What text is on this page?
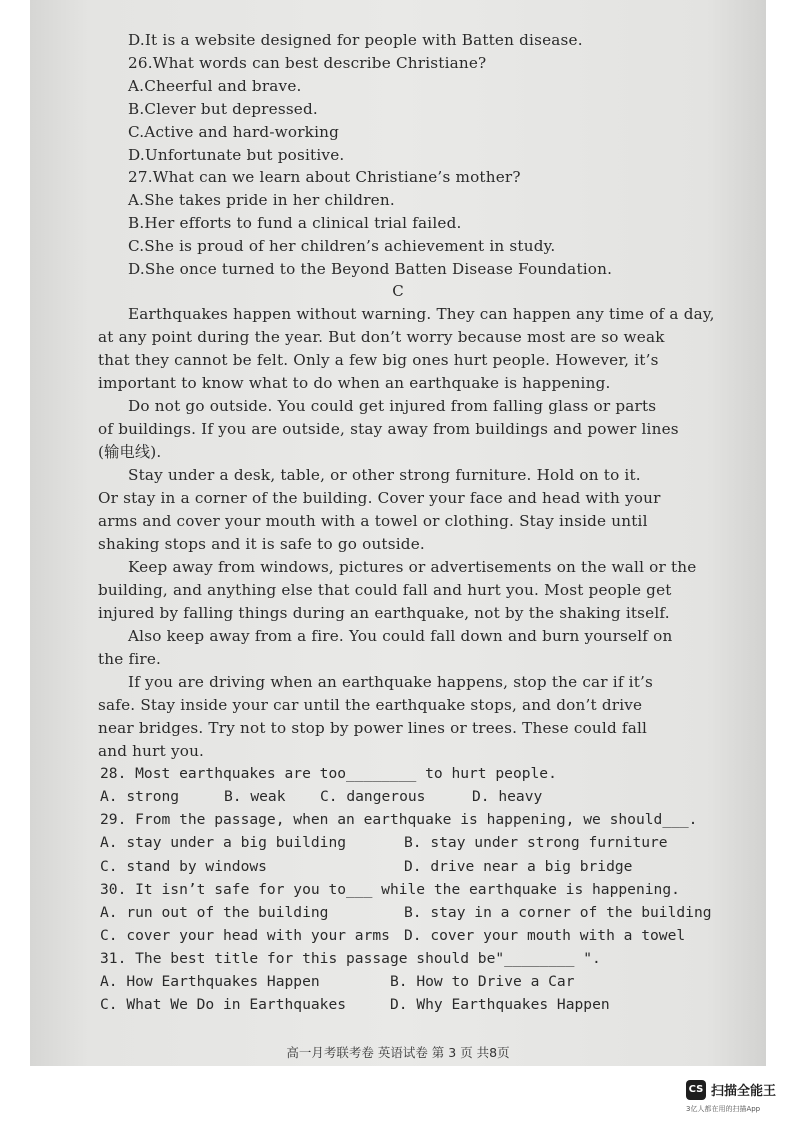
D.It is a website designed for people with Batten disease.
26.What words can best describe Christiane?
A.Cheerful and brave.
B.Clever but depressed.
C.Active and hard-working
D.Unfortunate but positive.
27.What can we learn about Christiane’s mother?
A.She takes pride in her children.
B.Her efforts to fund a clinical trial failed.
C.She is proud of her children’s achievement in study.
D.She once turned to the Beyond Batten Disease Foundation.
C
Earthquakes happen without warning. They can happen any time of a day,
at any point during the year. But don’t worry because most are so weak
that they cannot be felt. Only a few big ones hurt people. However, it’s
important to know what to do when an earthquake is happening.
Do not go outside. You could get injured from falling glass or parts
of buildings. If you are outside, stay away from buildings and power lines
(输电线).
Stay under a desk, table, or other strong furniture. Hold on to it.
Or stay in a corner of the building. Cover your face and head with your
arms and cover your mouth with a towel or clothing. Stay inside until
shaking stops and it is safe to go outside.
Keep away from windows, pictures or advertisements on the wall or the
building, and anything else that could fall and hurt you. Most people get
injured by falling things during an earthquake, not by the shaking itself.
Also keep away from a fire. You could fall down and burn yourself on
the fire.
If you are driving when an earthquake happens, stop the car if it’s
safe. Stay inside your car until the earthquake stops, and don’t drive
near bridges. Try not to stop by power lines or trees. These could fall
and hurt you.
28. Most earthquakes are too________ to hurt people.
A. strong	B. weak C. dangerous	D. heavy
29. From the passage, when an earthquake is happening, we should___.
A. stay under a big building	B. stay under strong furniture
C. stand by windows	D. drive near a big bridge
30. It isn’t safe for you to___ while the earthquake is happening.
A. run out of the building	B. stay in a corner of the building
C. cover your head with your arms D. cover your mouth with a towel
31. The best title for this passage should be"________ ".
A. How Earthquakes Happen	B. How to Drive a Car
C. What We Do in Earthquakes	D. Why Earthquakes Happen
高一月考联考卷 英语试卷 第 3 页 共8页
CS 扫描全能王
3亿人都在用的扫描App
